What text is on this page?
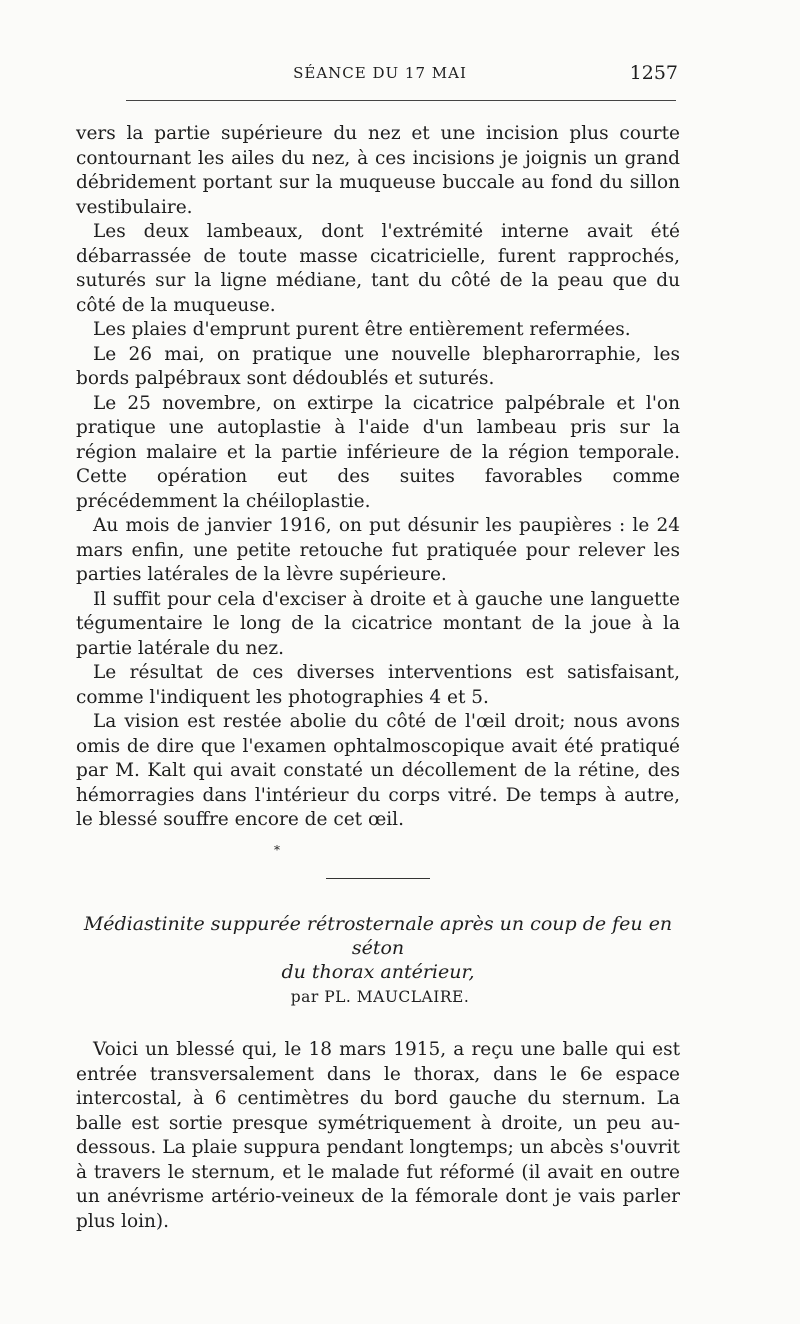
SÉANCE DU 17 MAI	1257

vers la partie supérieure du nez et une incision plus courte contournant les ailes du nez, à ces incisions je joignis un grand débridement portant sur la muqueuse buccale au fond du sillon vestibulaire.

Les deux lambeaux, dont l'extrémité interne avait été débarrassée de toute masse cicatricielle, furent rapprochés, suturés sur la ligne médiane, tant du côté de la peau que du côté de la muqueuse.

Les plaies d'emprunt purent être entièrement refermées.

Le 26 mai, on pratique une nouvelle blepharorraphie, les bords palpébraux sont dédoublés et suturés.

Le 25 novembre, on extirpe la cicatrice palpébrale et l'on pratique une autoplastie à l'aide d'un lambeau pris sur la région malaire et la partie inférieure de la région temporale. Cette opération eut des suites favorables comme précédemment la chéiloplastie.

Au mois de janvier 1916, on put désunir les paupières : le 24 mars enfin, une petite retouche fut pratiquée pour relever les parties latérales de la lèvre supérieure.

Il suffit pour cela d'exciser à droite et à gauche une languette tégumentaire le long de la cicatrice montant de la joue à la partie latérale du nez.

Le résultat de ces diverses interventions est satisfaisant, comme l'indiquent les photographies 4 et 5.

La vision est restée abolie du côté de l'œil droit; nous avons omis de dire que l'examen ophtalmoscopique avait été pratiqué par M. Kalt qui avait constaté un décollement de la rétine, des hémorragies dans l'intérieur du corps vitré. De temps à autre, le blessé souffre encore de cet œil.

*
Médiastinite suppurée rétrosternale après un coup de feu en séton
du thorax antérieur,
par PL. MAUCLAIRE.

Voici un blessé qui, le 18 mars 1915, a reçu une balle qui est entrée transversalement dans le thorax, dans le 6e espace intercostal, à 6 centimètres du bord gauche du sternum. La balle est sortie presque symétriquement à droite, un peu au-dessous. La plaie suppura pendant longtemps; un abcès s'ouvrit à travers le sternum, et le malade fut réformé (il avait en outre un anévrisme artério-veineux de la fémorale dont je vais parler plus loin).
